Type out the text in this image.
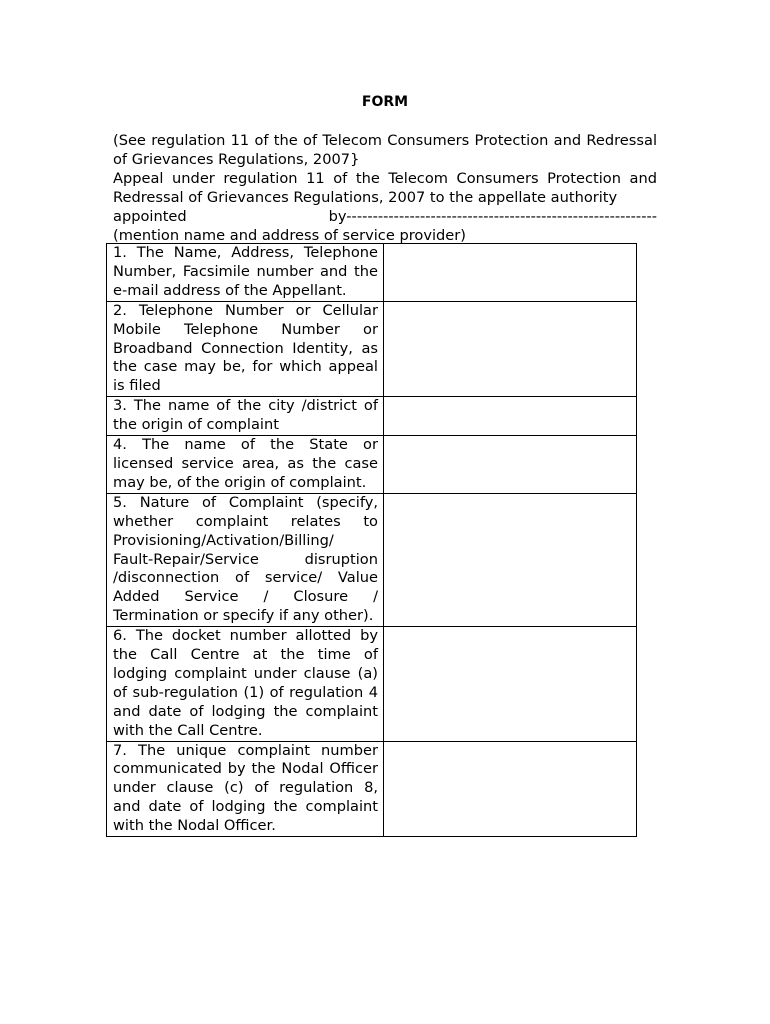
FORM

(See regulation 11 of the of Telecom Consumers Protection and Redressal of Grievances Regulations, 2007}

Appeal under regulation 11 of the Telecom Consumers Protection and Redressal of Grievances Regulations, 2007 to the appellate authority

appointed by-----------------------------------------------------------

(mention name and address of service provider)

1. The Name, Address, Telephone Number, Facsimile number and the e-mail address of the Appellant.	
2. Telephone Number or Cellular Mobile Telephone Number or Broadband Connection Identity, as the case may be, for which appeal is filed	
3. The name of the city /district of the origin of complaint	
4. The name of the State or licensed service area, as the case may be, of the origin of complaint.	
5. Nature of Complaint (specify, whether complaint relates to Provisioning/Activation/Billing/ Fault-Repair/Service disruption /disconnection of service/ Value Added Service / Closure / Termination or specify if any other).	
6. The docket number allotted by the Call Centre at the time of lodging complaint under clause (a) of sub-regulation (1) of regulation 4 and date of lodging the complaint with the Call Centre.	
7. The unique complaint number communicated by the Nodal Officer under clause (c) of regulation 8, and date of lodging the complaint with the Nodal Officer.	
